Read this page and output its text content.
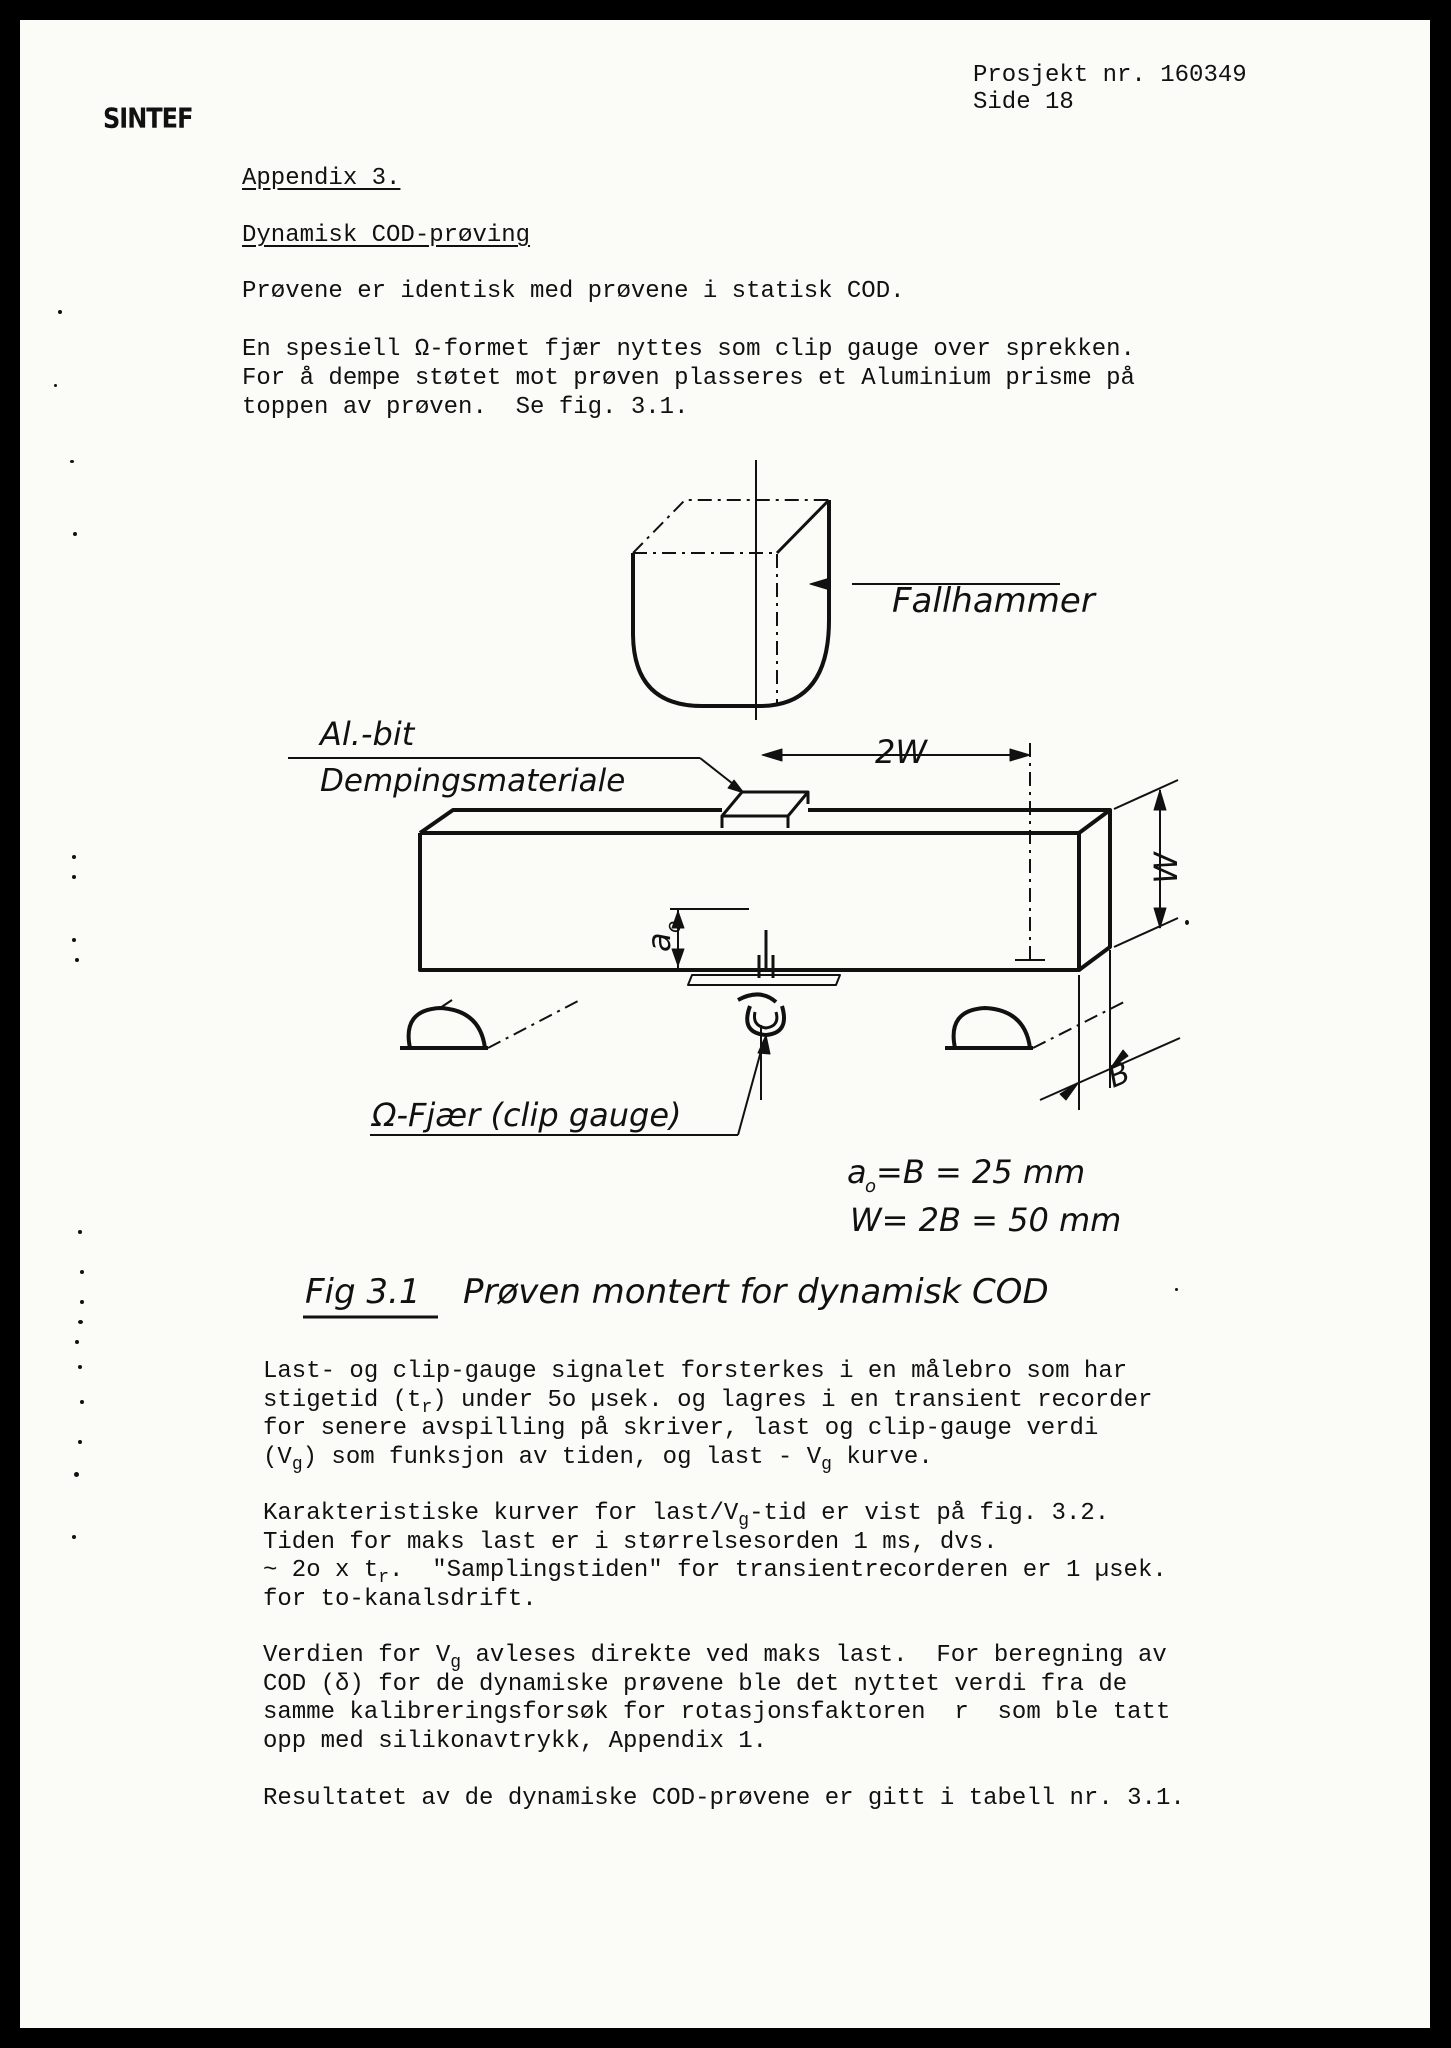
SINTEF
Prosjekt nr. 160349
Side 18
Appendix 3.
Dynamisk COD-prøving
Prøvene er identisk med prøvene i statisk COD.
En spesiell Ω-formet fjær nyttes som clip gauge over sprekken.
For å dempe støtet mot prøven plasseres et Aluminium prisme på
toppen av prøven.  Se fig. 3.1.
Fallhammer
Al.-bit
Dempingsmateriale
2W
W
a
o
B
Ω-Fjær (clip gauge)
a
o =B = 25 mm
W= 2B = 50 mm
Fig 3.1 Prøven montert for dynamisk COD
Last- og clip-gauge signalet forsterkes i en målebro som har
stigetid $(t_r)$ under 5o µsek. og lagres i en transient recorder
for senere avspilling på skriver, last og clip-gauge verdi
$(V_g)$ som funksjon av tiden, og last - $V_g$ kurve.
Karakteristiske kurver for last/$V_g$-tid er vist på fig. 3.2.
Tiden for maks last er i størrelsesorden 1 ms, dvs.
~ 2o x $t_r$.  "Samplingstiden" for transientrecorderen er 1 µsek.
for to-kanalsdrift.
Verdien for $V_g$ avleses direkte ved maks last.  For beregning av
COD (δ) for de dynamiske prøvene ble det nyttet verdi fra de
samme kalibreringsforsøk for rotasjonsfaktoren  r  som ble tatt
opp med silikonavtrykk, Appendix 1.
Resultatet av de dynamiske COD-prøvene er gitt i tabell nr. 3.1.
